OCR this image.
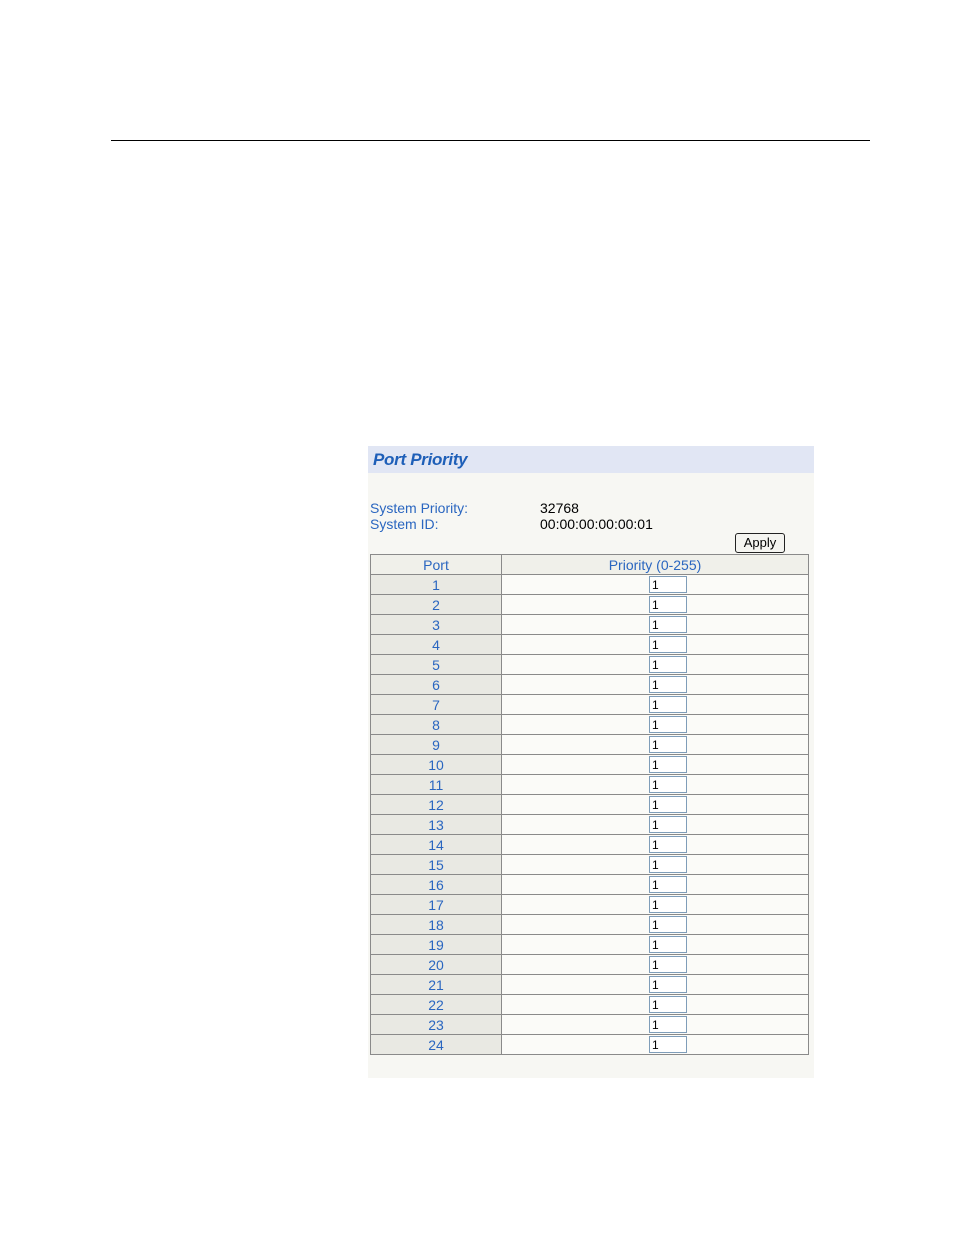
Port Priority
System Priority:	32768
System ID:	00:00:00:00:00:01
Apply
Port	Priority (0-255)
1	1
2	1
3	1
4	1
5	1
6	1
7	1
8	1
9	1
10	1
11	1
12	1
13	1
14	1
15	1
16	1
17	1
18	1
19	1
20	1
21	1
22	1
23	1
24	1
